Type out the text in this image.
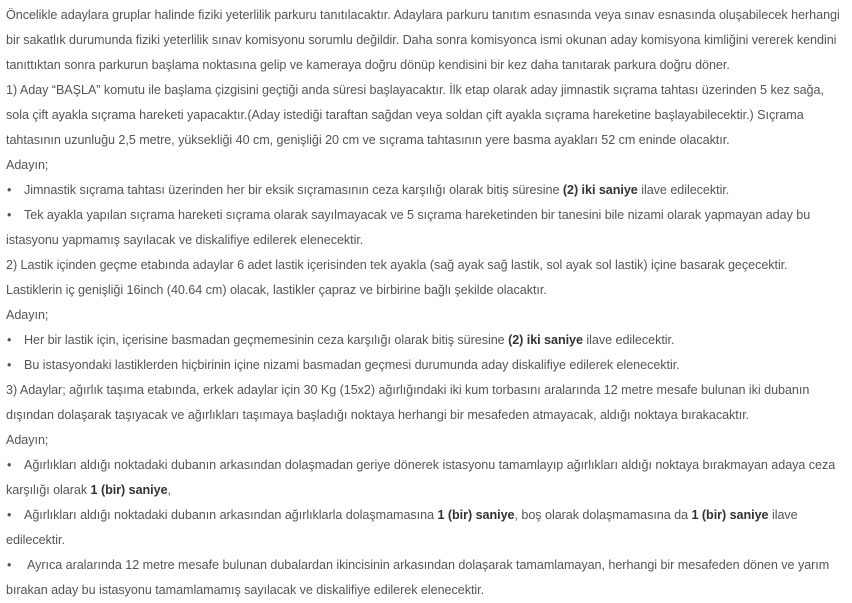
Öncelikle adaylara gruplar halinde fiziki yeterlilik parkuru tanıtılacaktır. Adaylara parkuru tanıtım esnasında veya sınav esnasında oluşabilecek herhangi bir sakatlık durumunda fiziki yeterlilik sınav komisyonu sorumlu değildir. Daha sonra komisyonca ismi okunan aday komisyona kimliğini vererek kendini tanıttıktan sonra parkurun başlama noktasına gelip ve kameraya doğru dönüp kendisini bir kez daha tanıtarak parkura doğru döner.

1) Aday “BAŞLA” komutu ile başlama çizgisini geçtiği anda süresi başlayacaktır. İlk etap olarak aday jimnastik sıçrama tahtası üzerinden 5 kez sağa, sola çift ayakla sıçrama hareketi yapacaktır.(Aday istediği taraftan sağdan veya soldan çift ayakla sıçrama hareketine başlayabilecektir.) Sıçrama tahtasının uzunluğu 2,5 metre, yüksekliği 40 cm, genişliği 20 cm ve sıçrama tahtasının yere basma ayakları 52 cm eninde olacaktır.

Adayın;

• Jimnastik sıçrama tahtası üzerinden her bir eksik sıçramasının ceza karşılığı olarak bitiş süresine (2) iki saniye ilave edilecektir.

• Tek ayakla yapılan sıçrama hareketi sıçrama olarak sayılmayacak ve 5 sıçrama hareketinden bir tanesini bile nizami olarak yapmayan aday bu istasyonu yapmamış sayılacak ve diskalifiye edilerek elenecektir.

2) Lastik içinden geçme etabında adaylar 6 adet lastik içerisinden tek ayakla (sağ ayak sağ lastik, sol ayak sol lastik) içine basarak geçecektir.

Lastiklerin iç genişliği 16inch (40.64 cm) olacak, lastikler çapraz ve birbirine bağlı şekilde olacaktır.

Adayın;

• Her bir lastik için, içerisine basmadan geçmemesinin ceza karşılığı olarak bitiş süresine (2) iki saniye ilave edilecektir.

• Bu istasyondaki lastiklerden hiçbirinin içine nizami basmadan geçmesi durumunda aday diskalifiye edilerek elenecektir.

3) Adaylar; ağırlık taşıma etabında, erkek adaylar için 30 Kg (15x2) ağırlığındaki iki kum torbasını aralarında 12 metre mesafe bulunan iki dubanın dışından dolaşarak taşıyacak ve ağırlıkları taşımaya başladığı noktaya herhangi bir mesafeden atmayacak, aldığı noktaya bırakacaktır.

Adayın;

• Ağırlıkları aldığı noktadaki dubanın arkasından dolaşmadan geriye dönerek istasyonu tamamlayıp ağırlıkları aldığı noktaya bırakmayan adaya ceza karşılığı olarak 1 (bir) saniye,

• Ağırlıkları aldığı noktadaki dubanın arkasından ağırlıklarla dolaşmamasına 1 (bir) saniye, boş olarak dolaşmamasına da 1 (bir) saniye ilave edilecektir.

• Ayrıca aralarında 12 metre mesafe bulunan dubalardan ikincisinin arkasından dolaşarak tamamlamayan, herhangi bir mesafeden dönen ve yarım bırakan aday bu istasyonu tamamlamamış sayılacak ve diskalifiye edilerek elenecektir.
